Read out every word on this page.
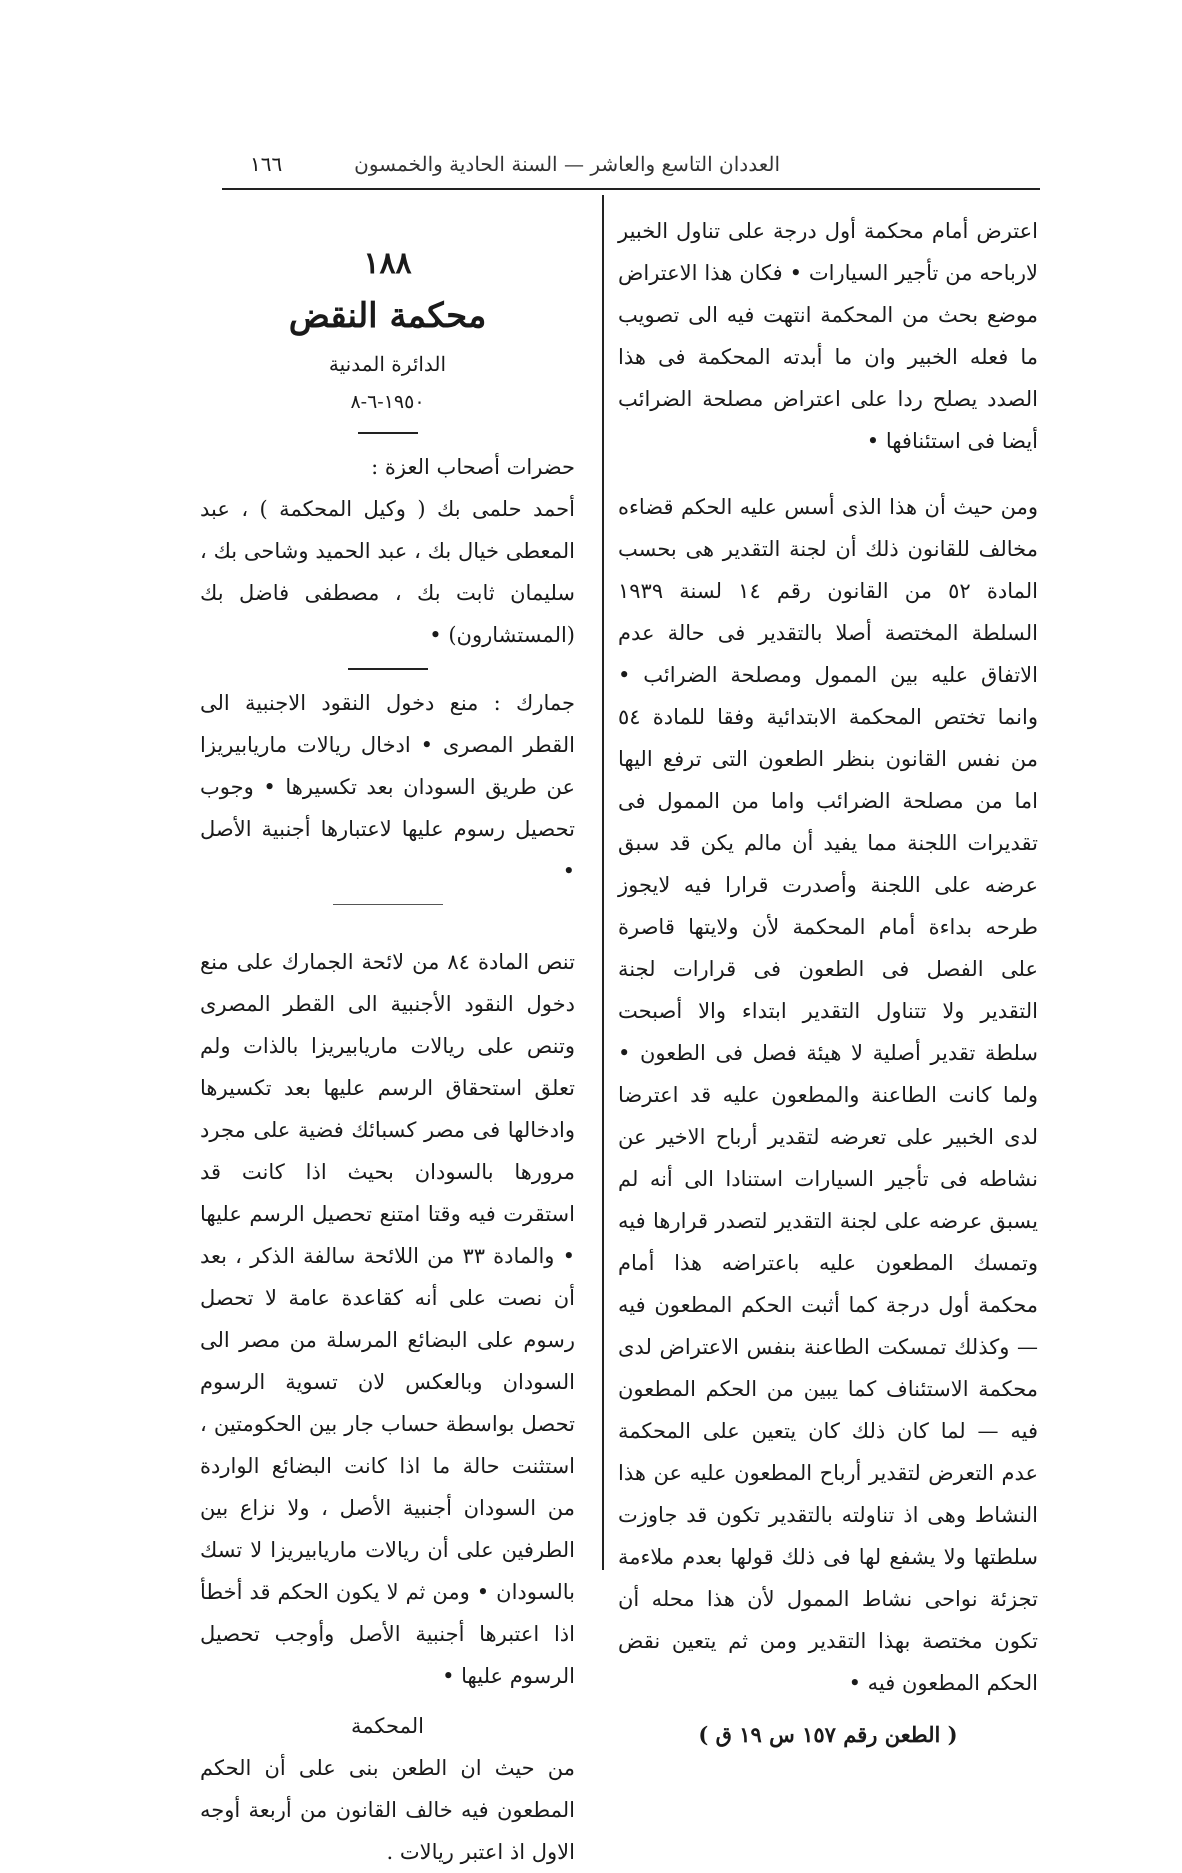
العددان التاسع والعاشر — السنة الحادية والخمسون
١٦٦

اعترض أمام محكمة أول درجة على تناول الخبير لارباحه من تأجير السيارات • فكان هذا الاعتراض موضع بحث من المحكمة انتهت فيه الى تصويب ما فعله الخبير وان ما أبدته المحكمة فى هذا الصدد يصلح ردا على اعتراض مصلحة الضرائب أيضا فى استئنافها •

ومن حيث أن هذا الذى أسس عليه الحكم قضاءه مخالف للقانون ذلك أن لجنة التقدير هى بحسب المادة ٥٢ من القانون رقم ١٤ لسنة ١٩٣٩ السلطة المختصة أصلا بالتقدير فى حالة عدم الاتفاق عليه بين الممول ومصلحة الضرائب • وانما تختص المحكمة الابتدائية وفقا للمادة ٥٤ من نفس القانون بنظر الطعون التى ترفع اليها اما من مصلحة الضرائب واما من الممول فى تقديرات اللجنة مما يفيد أن مالم يكن قد سبق عرضه على اللجنة وأصدرت قرارا فيه لايجوز طرحه بداءة أمام المحكمة لأن ولايتها قاصرة على الفصل فى الطعون فى قرارات لجنة التقدير ولا تتناول التقدير ابتداء والا أصبحت سلطة تقدير أصلية لا هيئة فصل فى الطعون • ولما كانت الطاعنة والمطعون عليه قد اعترضا لدى الخبير على تعرضه لتقدير أرباح الاخير عن نشاطه فى تأجير السيارات استنادا الى أنه لم يسبق عرضه على لجنة التقدير لتصدر قرارها فيه وتمسك المطعون عليه باعتراضه هذا أمام محكمة أول درجة كما أثبت الحكم المطعون فيه — وكذلك تمسكت الطاعنة بنفس الاعتراض لدى محكمة الاستئناف كما يبين من الحكم المطعون فيه — لما كان ذلك كان يتعين على المحكمة عدم التعرض لتقدير أرباح المطعون عليه عن هذا النشاط وهى اذ تناولته بالتقدير تكون قد جاوزت سلطتها ولا يشفع لها فى ذلك قولها بعدم ملاءمة تجزئة نواحى نشاط الممول لأن هذا محله أن تكون مختصة بهذا التقدير ومن ثم يتعين نقض الحكم المطعون فيه •

( الطعن رقم ١٥٧ س ١٩ ق )
١٨٨
محكمة النقض
الدائرة المدنية
١٩٥٠-٦-٨

حضرات أصحاب العزة :

أحمد حلمى بك ( وكيل المحكمة ) ، عبد المعطى خيال بك ، عبد الحميد وشاحى بك ، سليمان ثابت بك ، مصطفى فاضل بك (المستشارون) •

جمارك : منع دخول النقود الاجنبية الى القطر المصرى • ادخال ريالات ماريابيريزا عن طريق السودان بعد تكسيرها • وجوب تحصيل رسوم عليها لاعتبارها أجنبية الأصل •

تنص المادة ٨٤ من لائحة الجمارك على منع دخول النقود الأجنبية الى القطر المصرى وتنص على ريالات ماريابيريزا بالذات ولم تعلق استحقاق الرسم عليها بعد تكسيرها وادخالها فى مصر كسبائك فضية على مجرد مرورها بالسودان بحيث اذا كانت قد استقرت فيه وقتا امتنع تحصيل الرسم عليها • والمادة ٣٣ من اللائحة سالفة الذكر ، بعد أن نصت على أنه كقاعدة عامة لا تحصل رسوم على البضائع المرسلة من مصر الى السودان وبالعكس لان تسوية الرسوم تحصل بواسطة حساب جار بين الحكومتين ، استثنت حالة ما اذا كانت البضائع الواردة من السودان أجنبية الأصل ، ولا نزاع بين الطرفين على أن ريالات ماريابيريزا لا تسك بالسودان • ومن ثم لا يكون الحكم قد أخطأ اذا اعتبرها أجنبية الأصل وأوجب تحصيل الرسوم عليها •

المحكمة

من حيث ان الطعن بنى على أن الحكم المطعون فيه خالف القانون من أربعة أوجه الاول اذ اعتبر ريالات .
